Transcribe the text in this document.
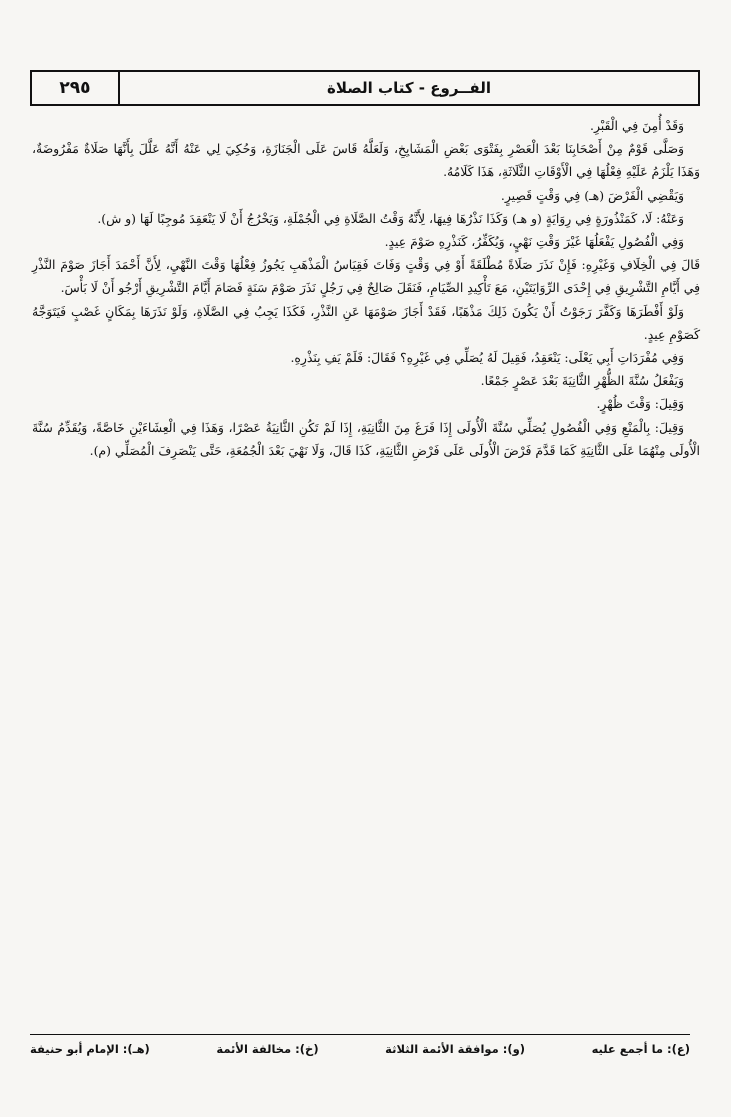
٢٩٥	الفــروع - كتاب الصلاة

وَقَدْ أُمِنَ فِي الْقَبْرِ.

وَصَلَّى قَوْمٌ مِنْ أَصْحَابِنَا بَعْدَ الْعَصْرِ بِفَتْوَى بَعْضِ الْمَشَايِخِ، وَلَعَلَّهُ قَاسَ عَلَى الْجَنَازَةِ، وَحُكِيَ لِي عَنْهُ أَنَّهُ عَلَّلَ بِأَنَّهَا صَلَاةٌ مَفْرُوضَةٌ، وَهَذَا يَلْزَمُ عَلَيْهِ فِعْلُهَا فِي الْأَوْقَاتِ الثَّلَاثَةِ، هَذَا كَلَامُهُ.

وَيَقْضِي الْفَرْضَ (هـ) فِي وَقْتٍ قَصِيرٍ.

وَعَنْهُ: لَا، كَمَنْذُورَةٍ فِي رِوَايَةٍ (و هـ) وَكَذَا نَذْرُهَا فِيهَا، لِأَنَّهُ وَقْتُ الصَّلَاةِ فِي الْجُمْلَةِ، وَيَخْرُجُ أَنْ لَا يَنْعَقِدَ مُوجِبًا لَهَا (و ش).

وَفِي الْفُصُولِ يَفْعَلُهَا غَيْرَ وَقْتِ نَهْيٍ، وَيُكَفِّرُ، كَنَذْرِهِ صَوْمَ عِيدٍ.

قَالَ فِي الْخِلَافِ وَغَيْرِهِ: فَإِنْ نَذَرَ صَلَاةً مُطْلَقَةً أَوْ فِي وَقْتٍ وَفَاتَ فَقِيَاسُ الْمَذْهَبِ يَجُوزُ فِعْلُهَا وَقْتَ النَّهْيِ، لِأَنَّ أَحْمَدَ أَجَازَ صَوْمَ النَّذْرِ فِي أَيَّامِ التَّشْرِيقِ فِي إِحْدَى الرِّوَايَتَيْنِ، مَعَ تَأْكِيدِ الصِّيَامِ، فَنَقَلَ صَالِحٌ فِي رَجُلٍ نَذَرَ صَوْمَ سَنَةٍ فَصَامَ أَيَّامَ التَّشْرِيقِ أَرْجُو أَنْ لَا بَأْسَ.

وَلَوْ أَفْطَرَهَا وَكَفَّرَ رَجَوْتُ أَنْ يَكُونَ ذَلِكَ مَذْهَبًا، فَقَدْ أَجَازَ صَوْمَهَا عَنِ النَّذْرِ، فَكَذَا يَجِبُ فِي الصَّلَاةِ، وَلَوْ نَذَرَهَا بِمَكَانٍ غَصْبٍ فَيَتَوَجَّهُ كَصَوْمِ عِيدٍ.

وَفِي مُفْرَدَاتِ أَبِي يَعْلَى: يَنْعَقِدُ، فَقِيلَ لَهُ يُصَلِّي فِي غَيْرِهِ؟ فَقَالَ: فَلَمْ يَفِ بِنَذْرِهِ.

وَيَفْعَلُ سُنَّةَ الظُّهْرِ الثَّانِيَةَ بَعْدَ عَصْرٍ جَمْعًا.

وَقِيلَ: وَقْتَ ظُهْرٍ.

وَقِيلَ: بِالْمَنْعِ وَفِي الْفُصُولِ يُصَلِّي سُنَّةَ الْأُولَى إِذَا فَرَغَ مِنَ الثَّانِيَةِ، إِذَا لَمْ تَكُنِ الثَّانِيَةُ عَصْرًا، وَهَذَا فِي الْعِشَاءَيْنِ خَاصَّةً، وَيُقَدِّمُ سُنَّةَ الْأُولَى مِنْهُمَا عَلَى الثَّانِيَةِ كَمَا قَدَّمَ فَرْضَ الْأُولَى عَلَى فَرْضِ الثَّانِيَةِ، كَذَا قَالَ، وَلَا نَهْيَ بَعْدَ الْجُمُعَةِ، حَتَّى يَنْصَرِفَ الْمُصَلِّي (م).

(ع): ما أجمع عليه
(و): موافقة الأئمة الثلاثة
(خ): مخالفة الأئمة
(هـ): الإمام أبو حنيفة
